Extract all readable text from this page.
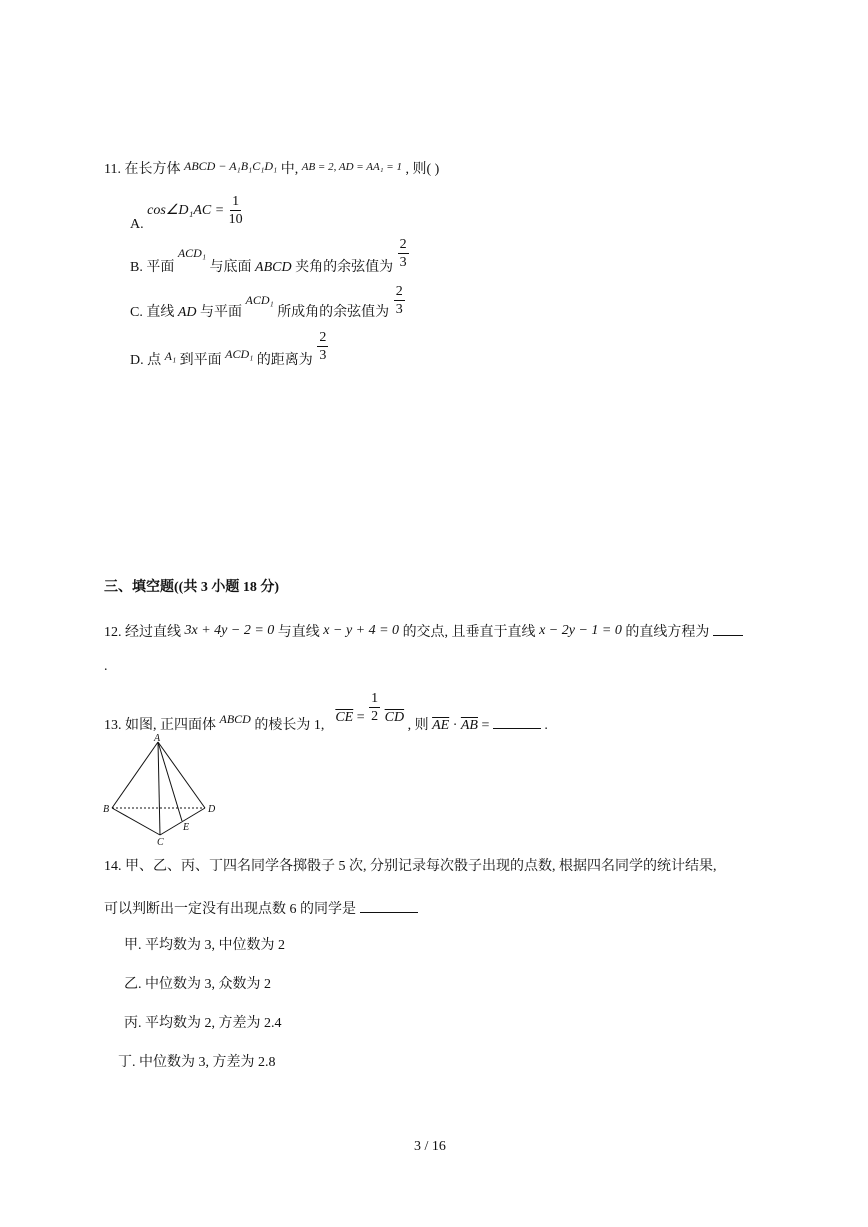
11. 在长方体 ABCD − A₁B₁C₁D₁ 中, $^{AB = 2, AD = AA_1 = 1}$ , 则( )
A. cos∠D₁AC = $\frac{1}{10}$
B. 平面 ACD₁ 与底面 ABCD 夹角的余弦值为 $\frac{2}{3}$
C. 直线 AD 与平面 ACD₁ 所成角的余弦值为 $\frac{2}{3}$
D. 点 A₁ 到平面 ACD₁ 的距离为 $\frac{2}{3}$
三、填空题((共 3 小题 18 分)
12. 经过直线 3x + 4y − 2 = 0 与直线 x − y + 4 = 0 的交点, 且垂直于直线 x − 2y − 1 = 0 的直线方程为
.
13. 如图, 正四面体 ABCD 的棱长为 1,  $\overline{CE} = \frac{1}{2} \overline{CD}$ , 则 $\overline{AE} \cdot \overline{AB}$ =	.
A
B
C
D
E
14. 甲、乙、丙、丁四名同学各掷骰子 5 次, 分别记录每次骰子出现的点数, 根据四名同学的统计结果,
可以判断出一定没有出现点数 6 的同学是
甲. 平均数为 3, 中位数为 2
乙. 中位数为 3, 众数为 2
丙. 平均数为 2, 方差为 2.4
丁. 中位数为 3, 方差为 2.8
3 / 16
